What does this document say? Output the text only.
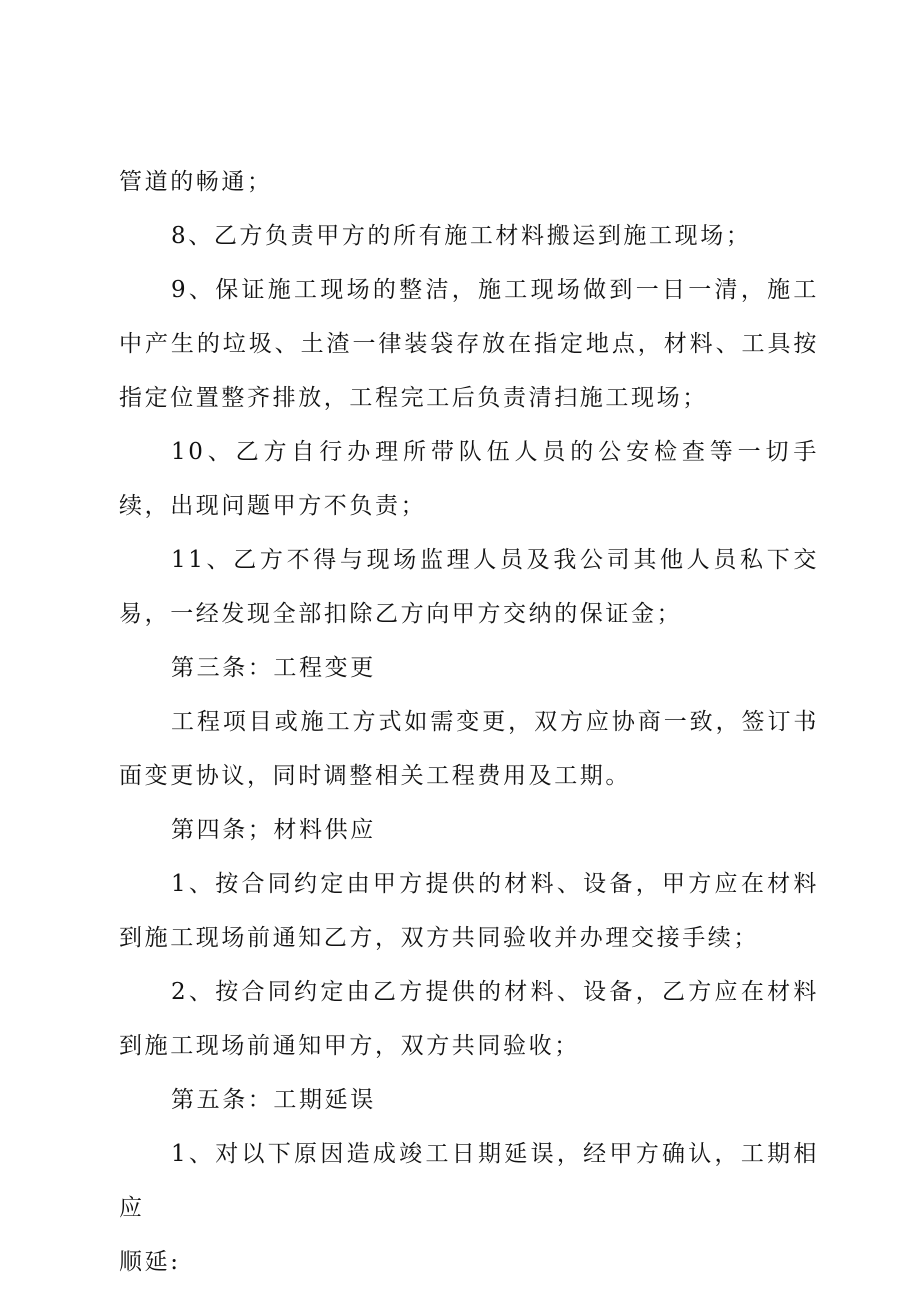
管道的畅通；

8、乙方负责甲方的所有施工材料搬运到施工现场；

9、保证施工现场的整洁，施工现场做到一日一清，施工中产生的垃圾、土渣一律装袋存放在指定地点，材料、工具按指定位置整齐排放，工程完工后负责清扫施工现场；

10、乙方自行办理所带队伍人员的公安检查等一切手续，出现问题甲方不负责；

11、乙方不得与现场监理人员及我公司其他人员私下交易，一经发现全部扣除乙方向甲方交纳的保证金；

第三条：工程变更

工程项目或施工方式如需变更，双方应协商一致，签订书面变更协议，同时调整相关工程费用及工期。

第四条；材料供应

1、按合同约定由甲方提供的材料、设备，甲方应在材料到施工现场前通知乙方，双方共同验收并办理交接手续；

2、按合同约定由乙方提供的材料、设备，乙方应在材料到施工现场前通知甲方，双方共同验收；

第五条：工期延误

1、对以下原因造成竣工日期延误，经甲方确认，工期相应

顺延:
